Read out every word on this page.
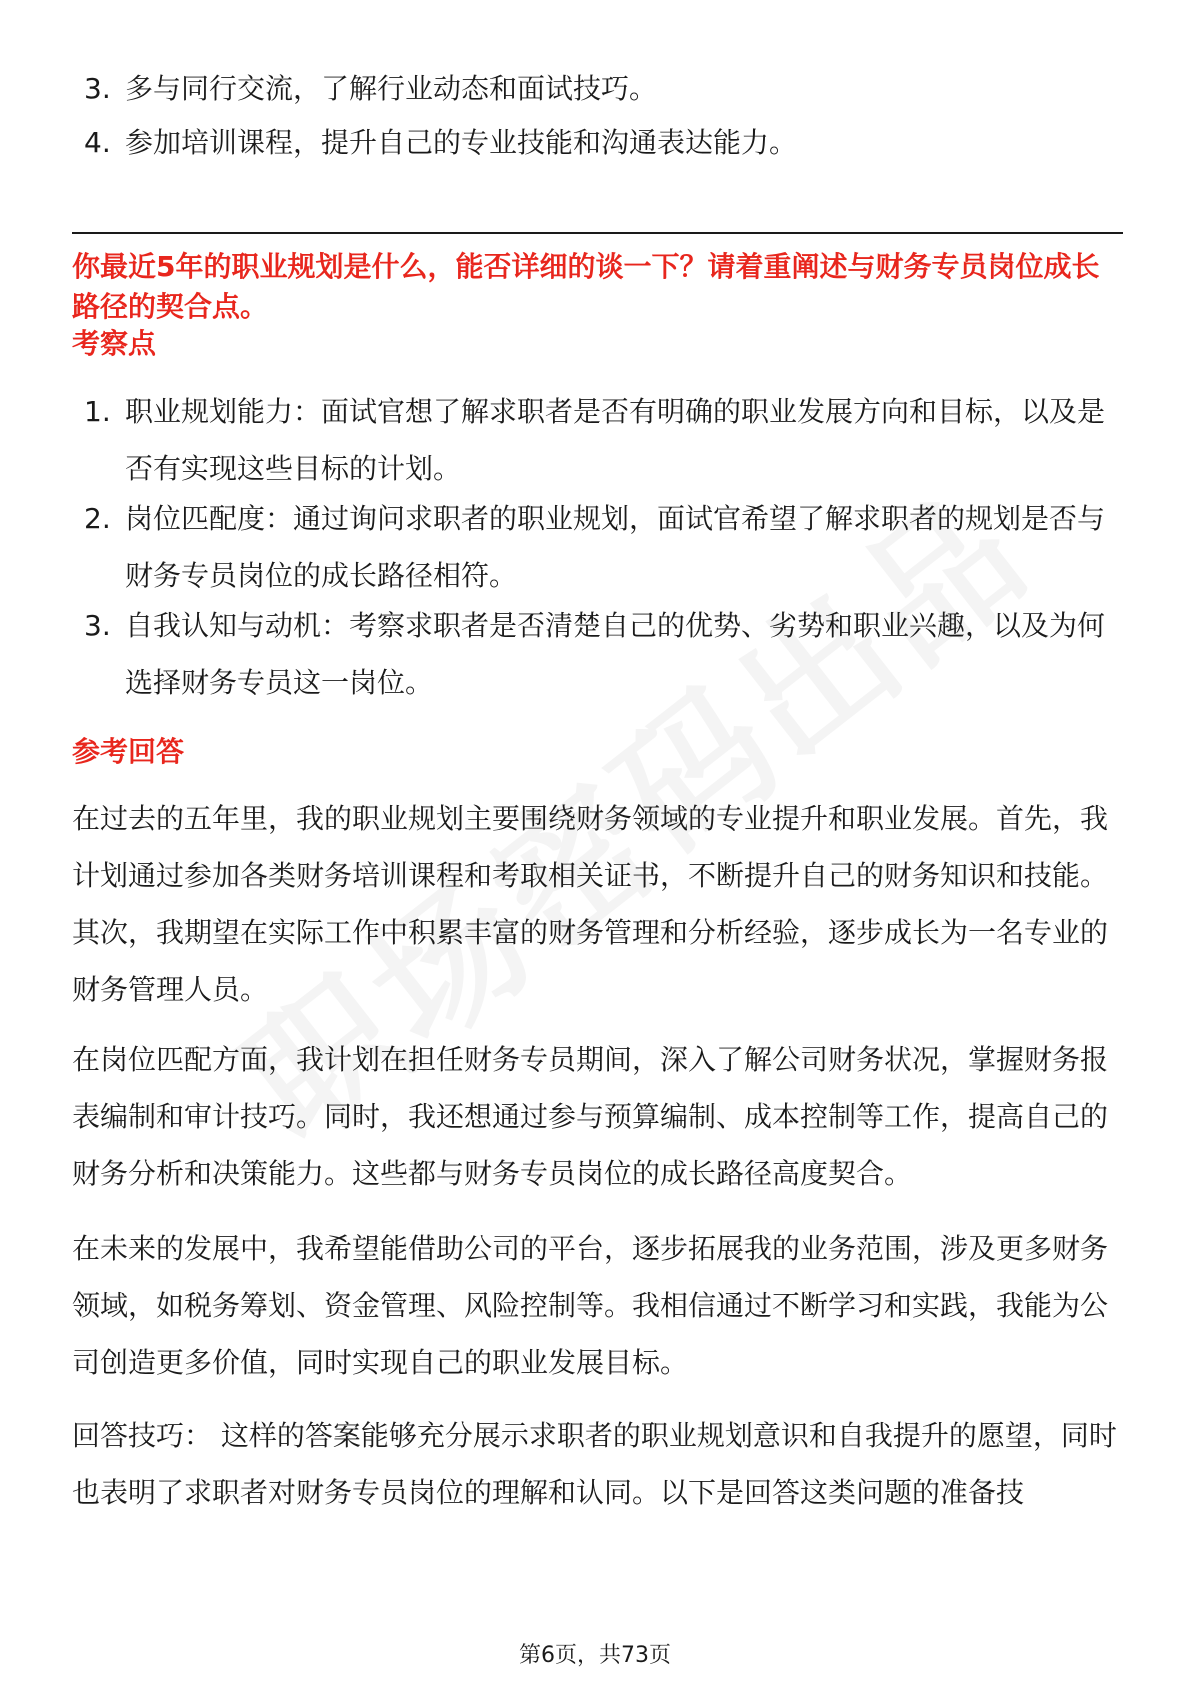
3. 多与同行交流，了解行业动态和面试技巧。
4. 参加培训课程，提升自己的专业技能和沟通表达能力。
你最近5年的职业规划是什么，能否详细的谈一下？请着重阐述与财务专员岗位成长路径的契合点。
考察点
1. 职业规划能力：面试官想了解求职者是否有明确的职业发展方向和目标，以及是否有实现这些目标的计划。
2. 岗位匹配度：通过询问求职者的职业规划，面试官希望了解求职者的规划是否与财务专员岗位的成长路径相符。
3. 自我认知与动机：考察求职者是否清楚自己的优势、劣势和职业兴趣，以及为何选择财务专员这一岗位。
参考回答
在过去的五年里，我的职业规划主要围绕财务领域的专业提升和职业发展。首先，我计划通过参加各类财务培训课程和考取相关证书，不断提升自己的财务知识和技能。其次，我期望在实际工作中积累丰富的财务管理和分析经验，逐步成长为一名专业的财务管理人员。
在岗位匹配方面，我计划在担任财务专员期间，深入了解公司财务状况，掌握财务报表编制和审计技巧。同时，我还想通过参与预算编制、成本控制等工作，提高自己的财务分析和决策能力。这些都与财务专员岗位的成长路径高度契合。
在未来的发展中，我希望能借助公司的平台，逐步拓展我的业务范围，涉及更多财务领域，如税务筹划、资金管理、风险控制等。我相信通过不断学习和实践，我能为公司创造更多价值，同时实现自己的职业发展目标。
回答技巧： 这样的答案能够充分展示求职者的职业规划意识和自我提升的愿望，同时也表明了求职者对财务专员岗位的理解和认同。以下是回答这类问题的准备技
第6页，共73页
